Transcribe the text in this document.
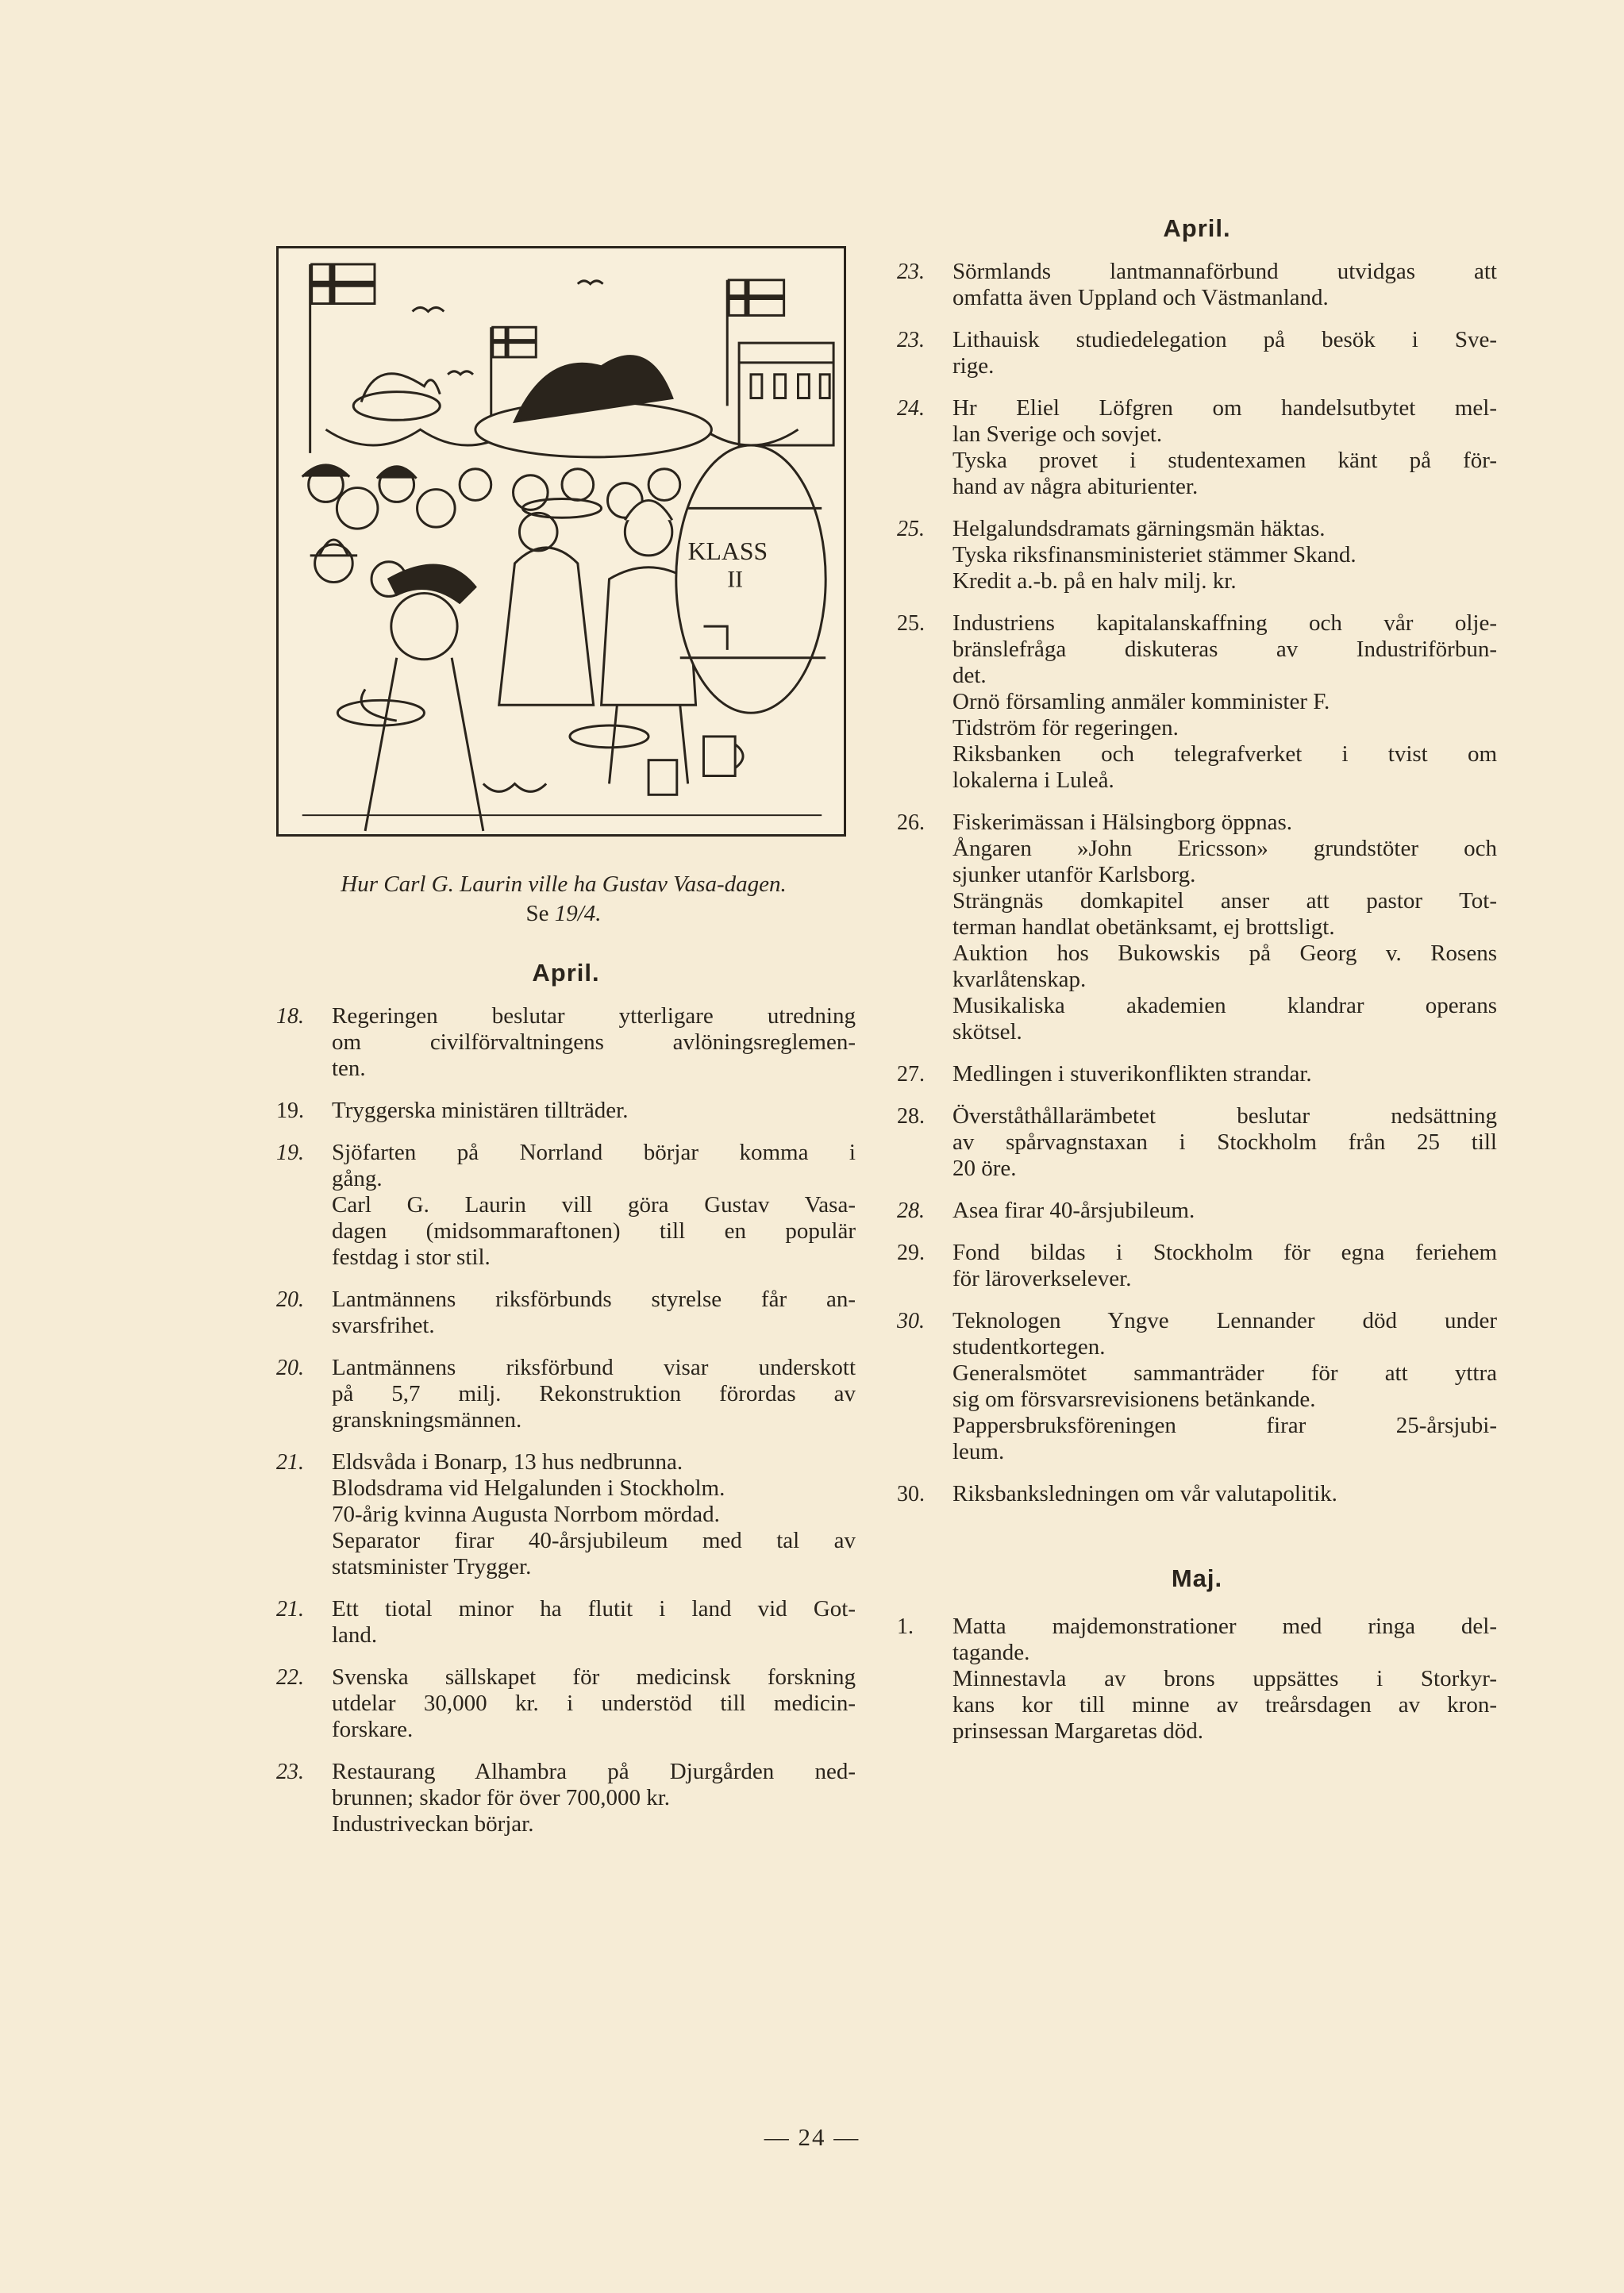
KLASS
II
Hur Carl G. Laurin ville ha Gustav Vasa-dagen.
Se 19/4.
April.
18.	Regeringen beslutar ytterligare utredning
om civilförvaltningens avlöningsreglemen-
ten.
19.	Tryggerska ministären tillträder.
19.	Sjöfarten på Norrland börjar komma i
gång.
Carl G. Laurin vill göra Gustav Vasa-
dagen (midsommaraftonen) till en populär
festdag i stor stil.
20.	Lantmännens riksförbunds styrelse får an-
svarsfrihet.
20.	Lantmännens riksförbund visar underskott
på 5,7 milj. Rekonstruktion förordas av
granskningsmännen.
21.	Eldsvåda i Bonarp, 13 hus nedbrunna.
Blodsdrama vid Helgalunden i Stockholm.
70-årig kvinna Augusta Norrbom mördad.
Separator firar 40-årsjubileum med tal av
statsminister Trygger.
21.	Ett tiotal minor ha flutit i land vid Got-
land.
22.	Svenska sällskapet för medicinsk forskning
utdelar 30,000 kr. i understöd till medicin-
forskare.
23.	Restaurang Alhambra på Djurgården ned-
brunnen; skador för över 700,000 kr.
Industriveckan börjar.
April.
23.	Sörmlands lantmannaförbund utvidgas att
omfatta även Uppland och Västmanland.
23.	Lithauisk studiedelegation på besök i Sve-
rige.
24.	Hr Eliel Löfgren om handelsutbytet mel-
lan Sverige och sovjet.
Tyska provet i studentexamen känt på för-
hand av några abiturienter.
25.	Helgalundsdramats gärningsmän häktas.
Tyska riksfinansministeriet stämmer Skand.
Kredit a.-b. på en halv milj. kr.
25.	Industriens kapitalanskaffning och vår olje-
bränslefråga diskuteras av Industriförbun-
det.
Ornö församling anmäler komminister F.
Tidström för regeringen.
Riksbanken och telegrafverket i tvist om
lokalerna i Luleå.
26.	Fiskerimässan i Hälsingborg öppnas.
Ångaren »John Ericsson» grundstöter och
sjunker utanför Karlsborg.
Strängnäs domkapitel anser att pastor Tot-
terman handlat obetänksamt, ej brottsligt.
Auktion hos Bukowskis på Georg v. Rosens
kvarlåtenskap.
Musikaliska akademien klandrar operans
skötsel.
27.	Medlingen i stuverikonflikten strandar.
28.	Överståthållarämbetet beslutar nedsättning
av spårvagnstaxan i Stockholm från 25 till
20 öre.
28.	Asea firar 40-årsjubileum.
29.	Fond bildas i Stockholm för egna feriehem
för läroverkselever.
30.	Teknologen Yngve Lennander död under
studentkortegen.
Generalsmötet sammanträder för att yttra
sig om försvarsrevisionens betänkande.
Pappersbruksföreningen firar 25-årsjubi-
leum.
30.	Riksbanksledningen om vår valutapolitik.
Maj.
1.	Matta majdemonstrationer med ringa del-
tagande.
Minnestavla av brons uppsättes i Storkyr-
kans kor till minne av treårsdagen av kron-
prinsessan Margaretas död.
— 24 —
